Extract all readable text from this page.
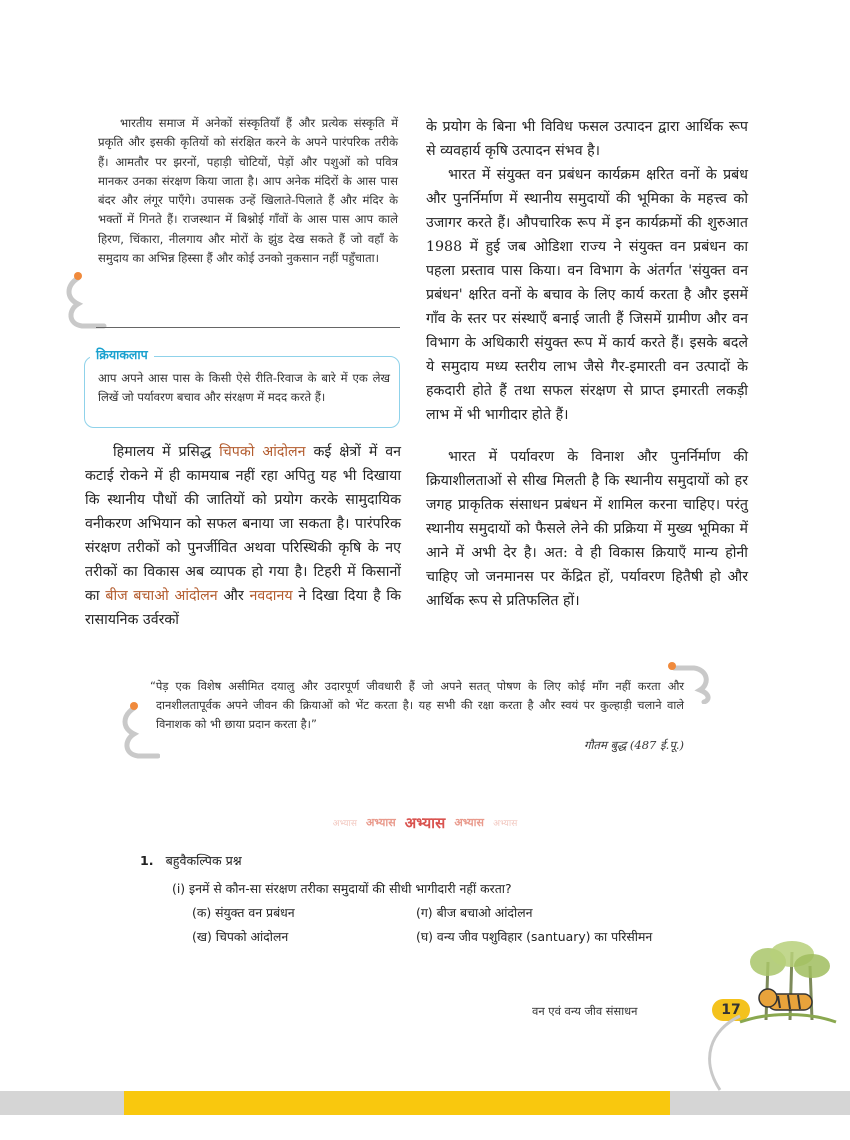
भारतीय समाज में अनेकों संस्कृतियाँ हैं और प्रत्येक संस्कृति में प्रकृति और इसकी कृतियों को संरक्षित करने के अपने पारंपरिक तरीके हैं। आमतौर पर झरनों, पहाड़ी चोटियों, पेड़ों और पशुओं को पवित्र मानकर उनका संरक्षण किया जाता है। आप अनेक मंदिरों के आस पास बंदर और लंगूर पाएँगे। उपासक उन्हें खिलाते-पिलाते हैं और मंदिर के भक्तों में गिनते हैं। राजस्थान में बिश्नोई गाँवों के आस पास आप काले हिरण, चिंकारा, नीलगाय और मोरों के झुंड देख सकते हैं जो वहाँ के समुदाय का अभिन्न हिस्सा हैं और कोई उनको नुकसान नहीं पहुँचाता।
क्रियाकलाप
आप अपने आस पास के किसी ऐसे रीति-रिवाज के बारे में एक लेख लिखें जो पर्यावरण बचाव और संरक्षण में मदद करते हैं।
हिमालय में प्रसिद्ध चिपको आंदोलन कई क्षेत्रों में वन कटाई रोकने में ही कामयाब नहीं रहा अपितु यह भी दिखाया कि स्थानीय पौधों की जातियों को प्रयोग करके सामुदायिक वनीकरण अभियान को सफल बनाया जा सकता है। पारंपरिक संरक्षण तरीकों को पुनर्जीवित अथवा परिस्थिकी कृषि के नए तरीकों का विकास अब व्यापक हो गया है। टिहरी में किसानों का बीज बचाओ आंदोलन और नवदानय ने दिखा दिया है कि रासायनिक उर्वरकों
के प्रयोग के बिना भी विविध फसल उत्पादन द्वारा आर्थिक रूप से व्यवहार्य कृषि उत्पादन संभव है।
भारत में संयुक्त वन प्रबंधन कार्यक्रम क्षरित वनों के प्रबंध और पुनर्निर्माण में स्थानीय समुदायों की भूमिका के महत्त्व को उजागर करते हैं। औपचारिक रूप में इन कार्यक्रमों की शुरुआत 1988 में हुई जब ओडिशा राज्य ने संयुक्त वन प्रबंधन का पहला प्रस्ताव पास किया। वन विभाग के अंतर्गत 'संयुक्त वन प्रबंधन' क्षरित वनों के बचाव के लिए कार्य करता है और इसमें गाँव के स्तर पर संस्थाएँ बनाई जाती हैं जिसमें ग्रामीण और वन विभाग के अधिकारी संयुक्त रूप में कार्य करते हैं। इसके बदले ये समुदाय मध्य स्तरीय लाभ जैसे गैर-इमारती वन उत्पादों के हकदारी होते हैं तथा सफल संरक्षण से प्राप्त इमारती लकड़ी लाभ में भी भागीदार होते हैं।
भारत में पर्यावरण के विनाश और पुनर्निर्माण की क्रियाशीलताओं से सीख मिलती है कि स्थानीय समुदायों को हर जगह प्राकृतिक संसाधन प्रबंधन में शामिल करना चाहिए। परंतु स्थानीय समुदायों को फैसले लेने की प्रक्रिया में मुख्य भूमिका में आने में अभी देर है। अत: वे ही विकास क्रियाएँ मान्य होनी चाहिए जो जनमानस पर केंद्रित हों, पर्यावरण हितैषी हो और आर्थिक रूप से प्रतिफलित हों।
“पेड़ एक विशेष असीमित दयालु और उदारपूर्ण जीवधारी हैं जो अपने सतत् पोषण के लिए कोई माँग नहीं करता और दानशीलतापूर्वक अपने जीवन की क्रियाओं को भेंट करता है। यह सभी की रक्षा करता है और स्वयं पर कुल्हाड़ी चलाने वाले विनाशक को भी छाया प्रदान करता है।”
गौतम बुद्ध (487 ई.पू.)
अभ्यास अभ्यास अभ्यास अभ्यास अभ्यास
1. बहुवैकल्पिक प्रश्न
(i) इनमें से कौन-सा संरक्षण तरीका समुदायों की सीधी भागीदारी नहीं करता?
(क) संयुक्त वन प्रबंधन
(ख) चिपको आंदोलन
(ग) बीज बचाओ आंदोलन
(घ) वन्य जीव पशुविहार (santuary) का परिसीमन
वन एवं वन्य जीव संसाधन	17
